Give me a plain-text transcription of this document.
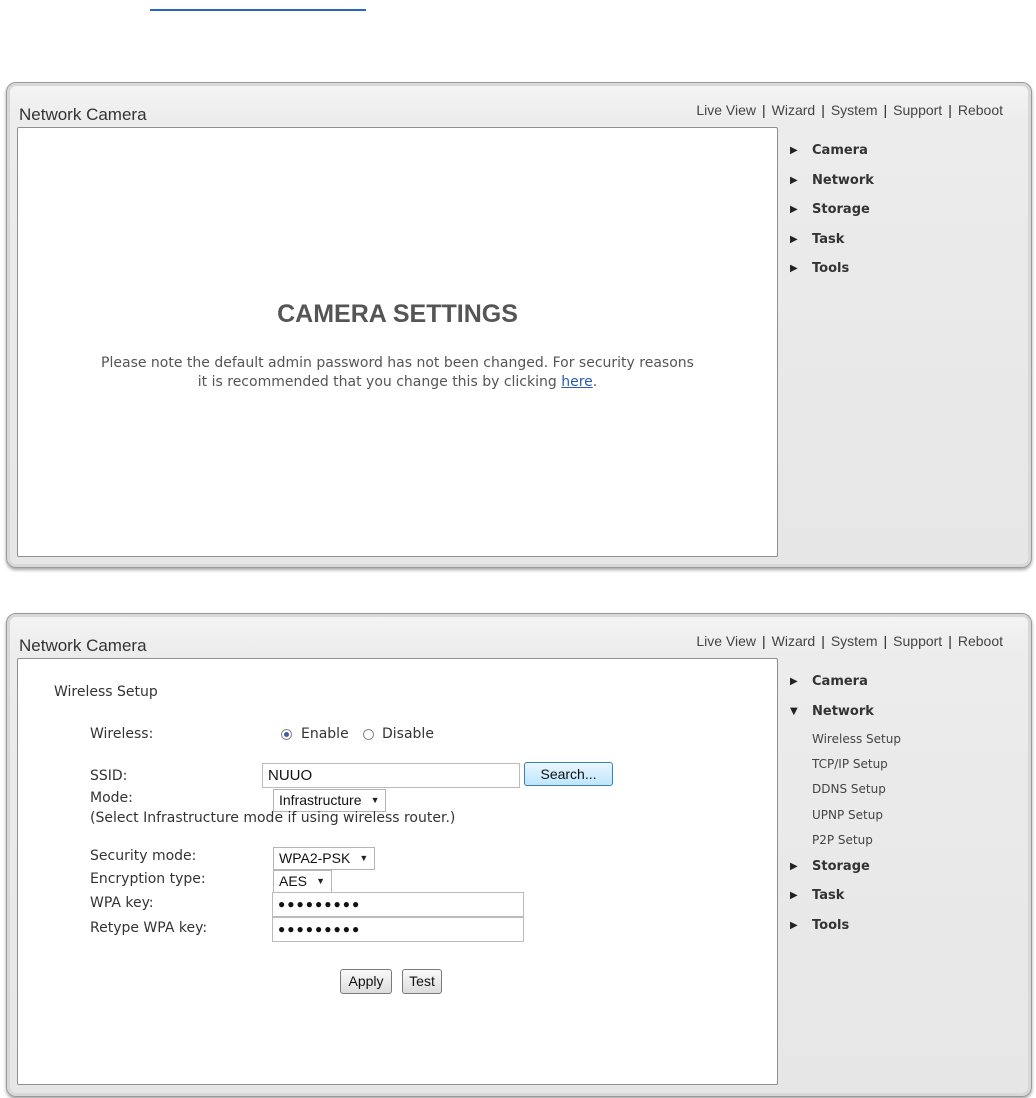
Network Camera	Live View | Wizard | System | Support | Reboot
CAMERA SETTINGS
Please note the default admin password has not been changed. For security reasons
it is recommended that you change this by clicking here.
▶	Camera
▶	Network
▶	Storage
▶	Task
▶	Tools
Network Camera	Live View | Wizard | System | Support | Reboot
Wireless Setup
Wireless:	Enable Disable
SSID:	NUUO	Search...
Mode:	Infrastructure ▼
(Select Infrastructure mode if using wireless router.)
Security mode:	WPA2-PSK ▼
Encryption type:	AES ▼
WPA key:	●●●●●●●●●
Retype WPA key:	●●●●●●●●●
Apply	Test
▶	Camera
▼	Network
Wireless Setup
TCP/IP Setup
DDNS Setup
UPNP Setup
P2P Setup
▶	Storage
▶	Task
▶	Tools
